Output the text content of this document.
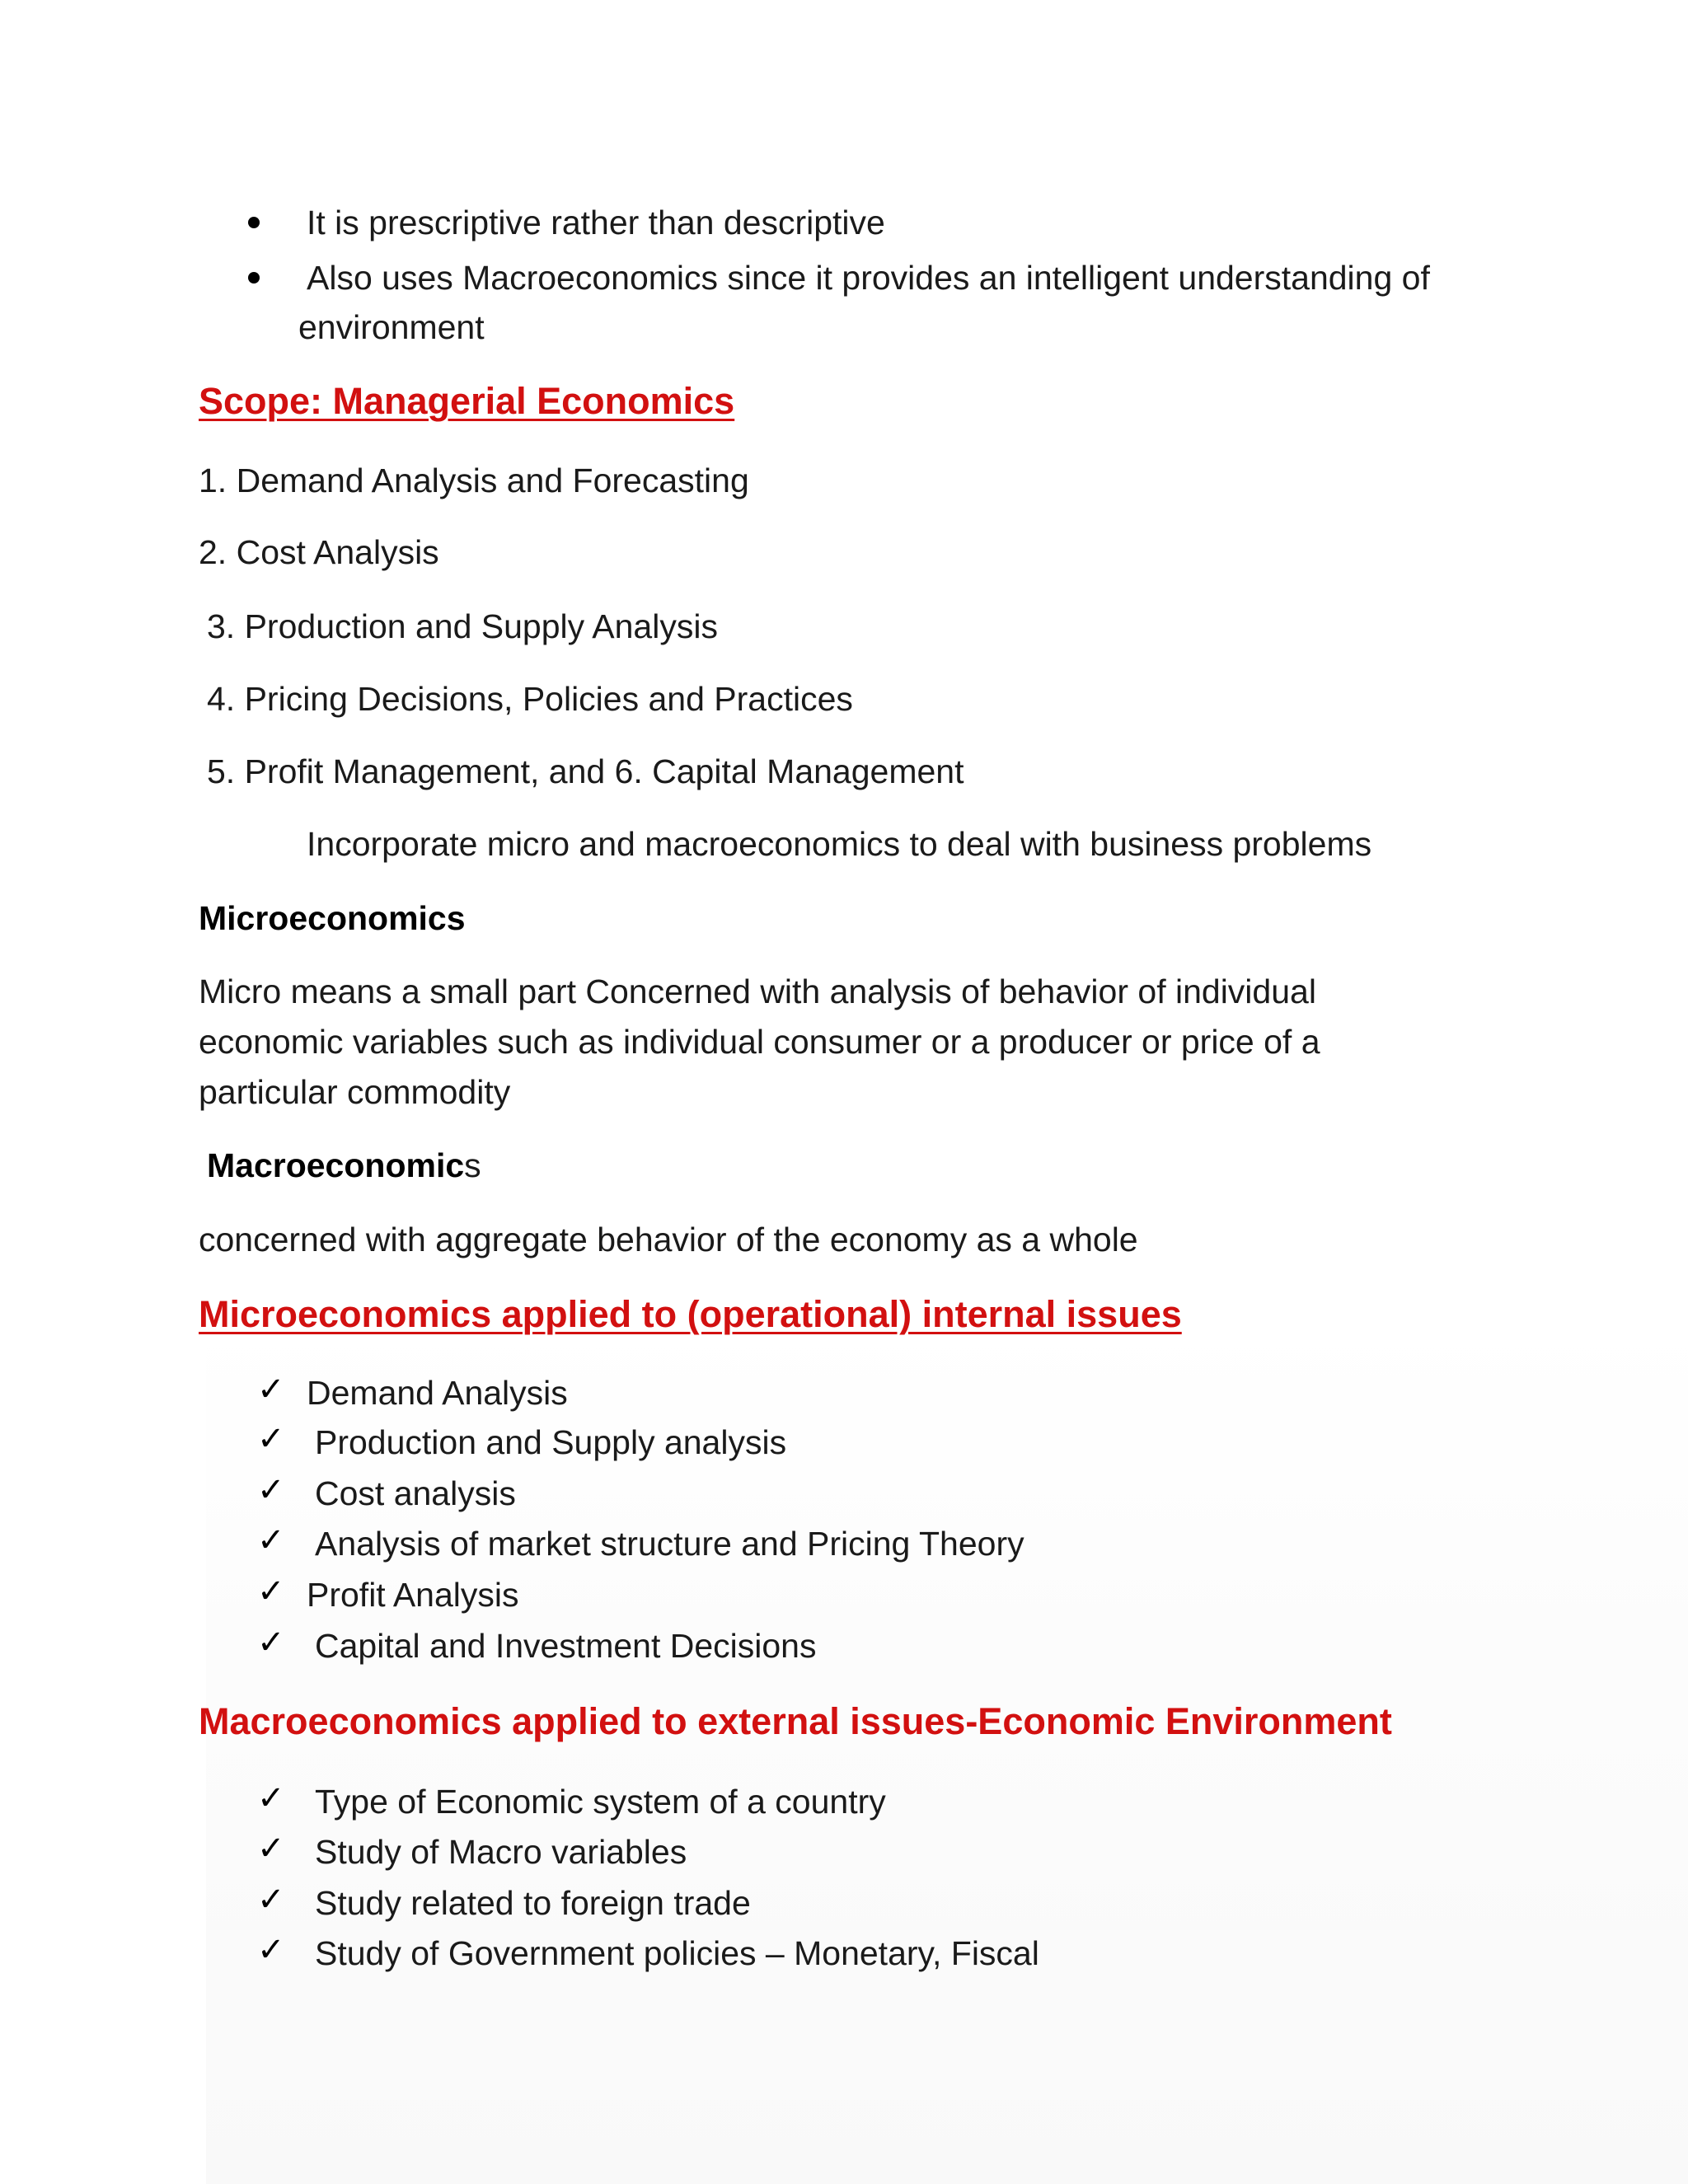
It is prescriptive rather than descriptive
Also uses Macroeconomics since it provides an intelligent understanding of
environment
Scope: Managerial Economics
1. Demand Analysis and Forecasting
2. Cost Analysis
3. Production and Supply Analysis
4. Pricing Decisions, Policies and Practices
5. Profit Management, and 6. Capital Management
Incorporate micro and macroeconomics to deal with business problems
Microeconomics
Micro means a small part Concerned with analysis of behavior of individual
economic variables such as individual consumer or a producer or price of a
particular commodity
Macroeconomics
concerned with aggregate behavior of the economy as a whole
Microeconomics applied to (operational) internal issues
✓ Demand Analysis
✓ Production and Supply analysis
✓ Cost analysis
✓ Analysis of market structure and Pricing Theory
✓ Profit Analysis
✓ Capital and Investment Decisions
Macroeconomics applied to external issues-Economic Environment
✓ Type of Economic system of a country
✓ Study of Macro variables
✓ Study related to foreign trade
✓ Study of Government policies – Monetary, Fiscal
